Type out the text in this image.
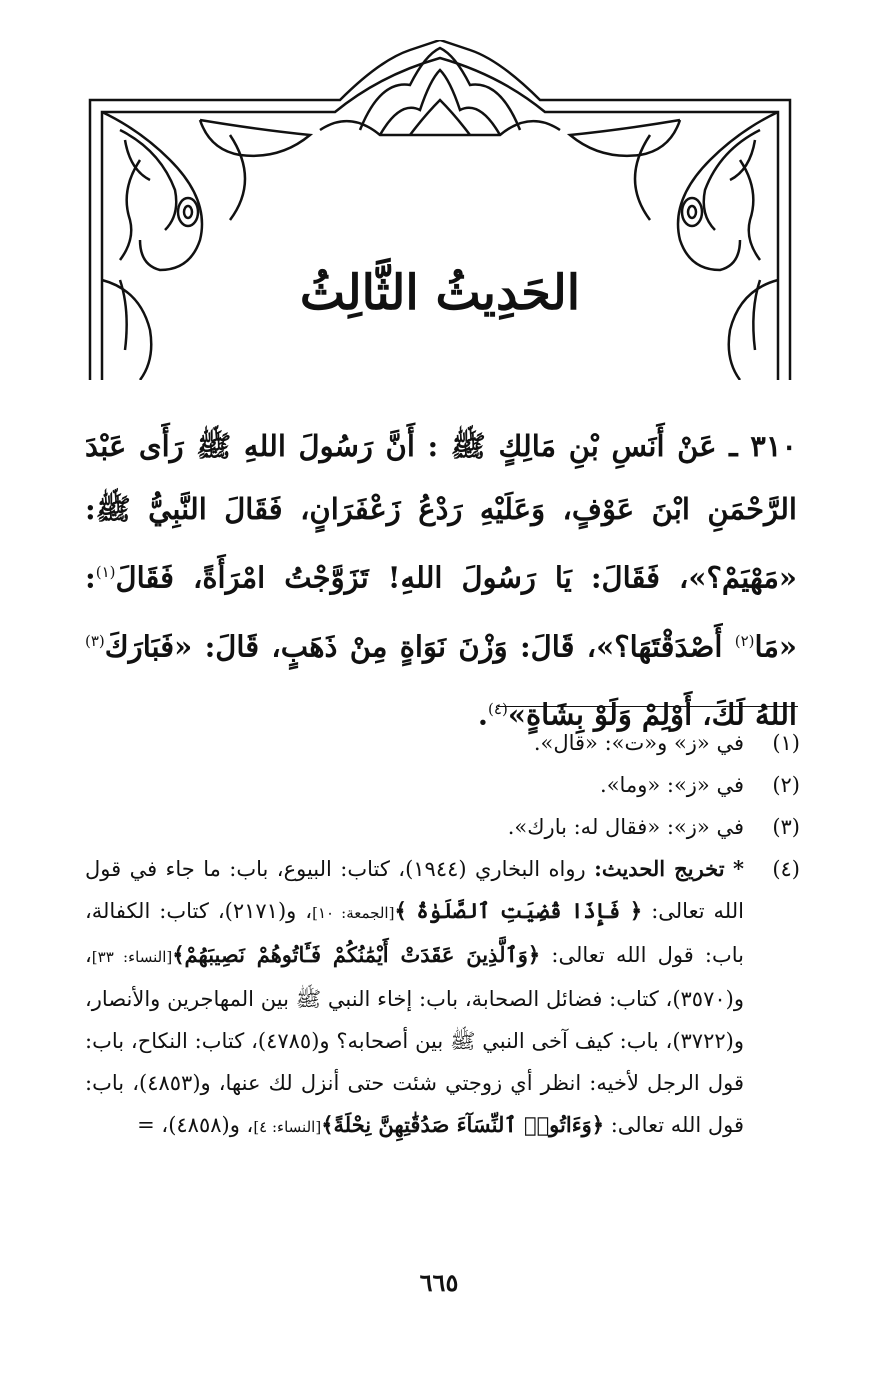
الحَدِيثُ الثَّالِثُ

٣١٠ ـ عَنْ أَنَسِ بْنِ مَالِكٍ ﷺ : أَنَّ رَسُولَ اللهِ ﷺ رَأَى عَبْدَ الرَّحْمَنِ ابْنَ عَوْفٍ، وَعَلَيْهِ رَدْعُ زَعْفَرَانٍ، فَقَالَ النَّبِيُّ ﷺ: «مَهْيَمْ؟»، فَقَالَ: يَا رَسُولَ اللهِ! تَزَوَّجْتُ امْرَأَةً، فَقَالَ$^{(١)}$: «مَا$^{(٢)}$ أَصْدَقْتَهَا؟»، قَالَ: وَزْنَ نَوَاةٍ مِنْ ذَهَبٍ، قَالَ: «فَبَارَكَ$^{(٣)}$ اللهُ لَكَ، أَوْلِمْ وَلَوْ بِشَاةٍ»$^{(٤)}$.

(١)
في «ز» و«ت»: «قال».
(٢)
في «ز»: «وما».
(٣)
في «ز»: «فقال له: بارك».
(٤)
* تخريج الحديث: رواه البخاري (١٩٤٤)، كتاب: البيوع، باب: ما جاء في قول الله تعالى: ﴿ فَإِذَا قُضِيَتِ ٱلصَّلَوٰةُ ﴾[الجمعة: ١٠]، و(٢١٧١)، كتاب: الكفالة، باب: قول الله تعالى: ﴿وَٱلَّذِينَ عَقَدَتْ أَيْمَٰنُكُمْ فَـَٔاتُوهُمْ نَصِيبَهُمْ﴾[النساء: ٣٣]، و(٣٥٧٠)، كتاب: فضائل الصحابة، باب: إخاء النبي ﷺ بين المهاجرين والأنصار، و(٣٧٢٢)، باب: كيف آخى النبي ﷺ بين أصحابه؟ و(٤٧٨٥)، كتاب: النكاح، باب: قول الرجل لأخيه: انظر أي زوجتي شئت حتى أنزل لك عنها، و(٤٨٥٣)، باب: قول الله تعالى: ﴿وَءَاتُوا۟ ٱلنِّسَآءَ صَدُقَٰتِهِنَّ نِحْلَةً﴾[النساء: ٤]، و(٤٨٥٨)، =
٦٦٥
